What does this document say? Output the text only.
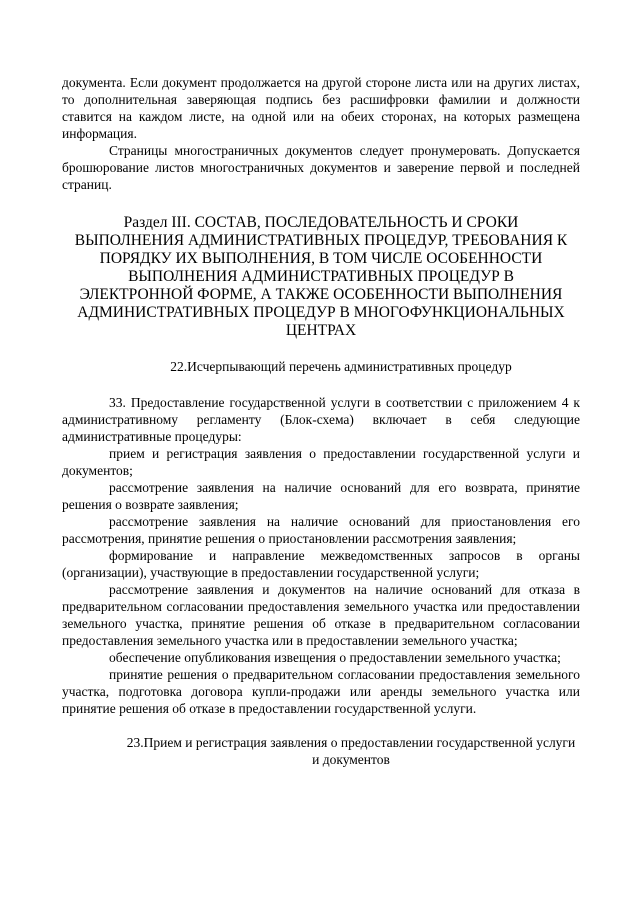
документа. Если документ продолжается на другой стороне листа или на других листах, то дополнительная заверяющая подпись без расшифровки фамилии и должности ставится на каждом листе, на одной или на обеих сторонах, на которых размещена информация.

Страницы многостраничных документов следует пронумеровать. Допускается брошюрование листов многостраничных документов и заверение первой и последней страниц.

Раздел III. СОСТАВ, ПОСЛЕДОВАТЕЛЬНОСТЬ И СРОКИ ВЫПОЛНЕНИЯ АДМИНИСТРАТИВНЫХ ПРОЦЕДУР, ТРЕБОВАНИЯ К ПОРЯДКУ ИХ ВЫПОЛНЕНИЯ, В ТОМ ЧИСЛЕ ОСОБЕННОСТИ ВЫПОЛНЕНИЯ АДМИНИСТРАТИВНЫХ ПРОЦЕДУР В ЭЛЕКТРОННОЙ ФОРМЕ, А ТАКЖЕ ОСОБЕННОСТИ ВЫПОЛНЕНИЯ АДМИНИСТРАТИВНЫХ ПРОЦЕДУР В МНОГОФУНКЦИОНАЛЬНЫХ ЦЕНТРАХ
22.Исчерпывающий перечень административных процедур

33. Предоставление государственной услуги в соответствии с приложением 4 к административному регламенту (Блок-схема) включает в себя следующие административные процедуры:

прием и регистрация заявления о предоставлении государственной услуги и документов;

рассмотрение заявления на наличие оснований для его возврата, принятие решения о возврате заявления;

рассмотрение заявления на наличие оснований для приостановления его рассмотрения, принятие решения о приостановлении рассмотрения заявления;

формирование и направление межведомственных запросов в органы (организации), участвующие в предоставлении государственной услуги;

рассмотрение заявления и документов на наличие оснований для отказа в предварительном согласовании предоставления земельного участка или предоставлении земельного участка, принятие решения об отказе в предварительном согласовании предоставления земельного участка или в предоставлении земельного участка;

обеспечение опубликования извещения о предоставлении земельного участка;

принятие решения о предварительном согласовании предоставления земельного участка, подготовка договора купли-продажи или аренды земельного участка или принятие решения об отказе в предоставлении государственной услуги.

23.Прием и регистрация заявления о предоставлении государственной услуги и документов
